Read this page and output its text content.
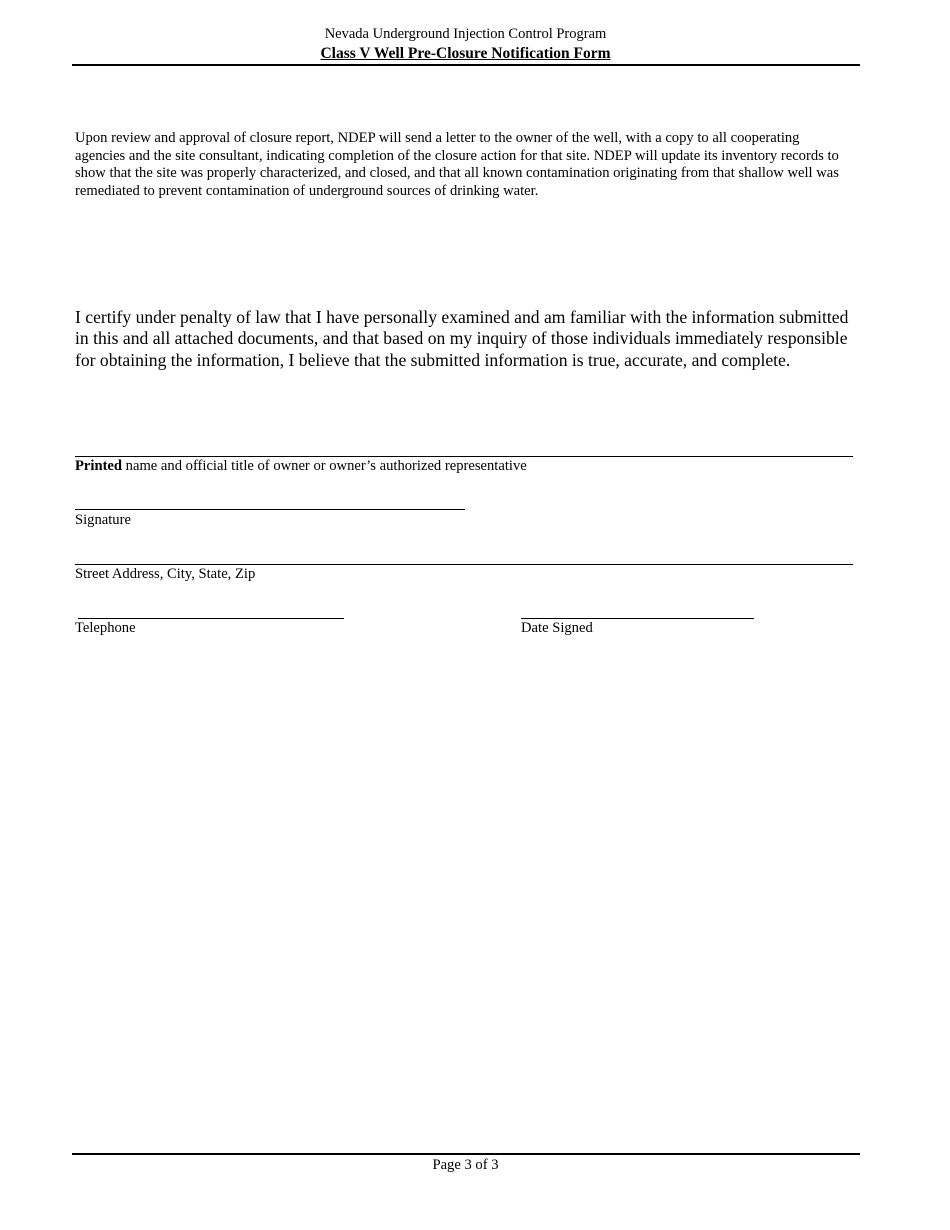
Nevada Underground Injection Control Program
Class V Well Pre-Closure Notification Form
Upon review and approval of closure report, NDEP will send a letter to the owner of the well, with a copy to all cooperating agencies and the site consultant, indicating completion of the closure action for that site. NDEP will update its inventory records to show that the site was properly characterized, and closed, and that all known contamination originating from that shallow well was remediated to prevent contamination of underground sources of drinking water.
I certify under penalty of law that I have personally examined and am familiar with the information submitted in this and all attached documents, and that based on my inquiry of those individuals immediately responsible for obtaining the information, I believe that the submitted information is true, accurate, and complete.
Printed name and official title of owner or owner’s authorized representative
Signature
Street Address, City, State, Zip
Telephone	Date Signed
Page 3 of 3
